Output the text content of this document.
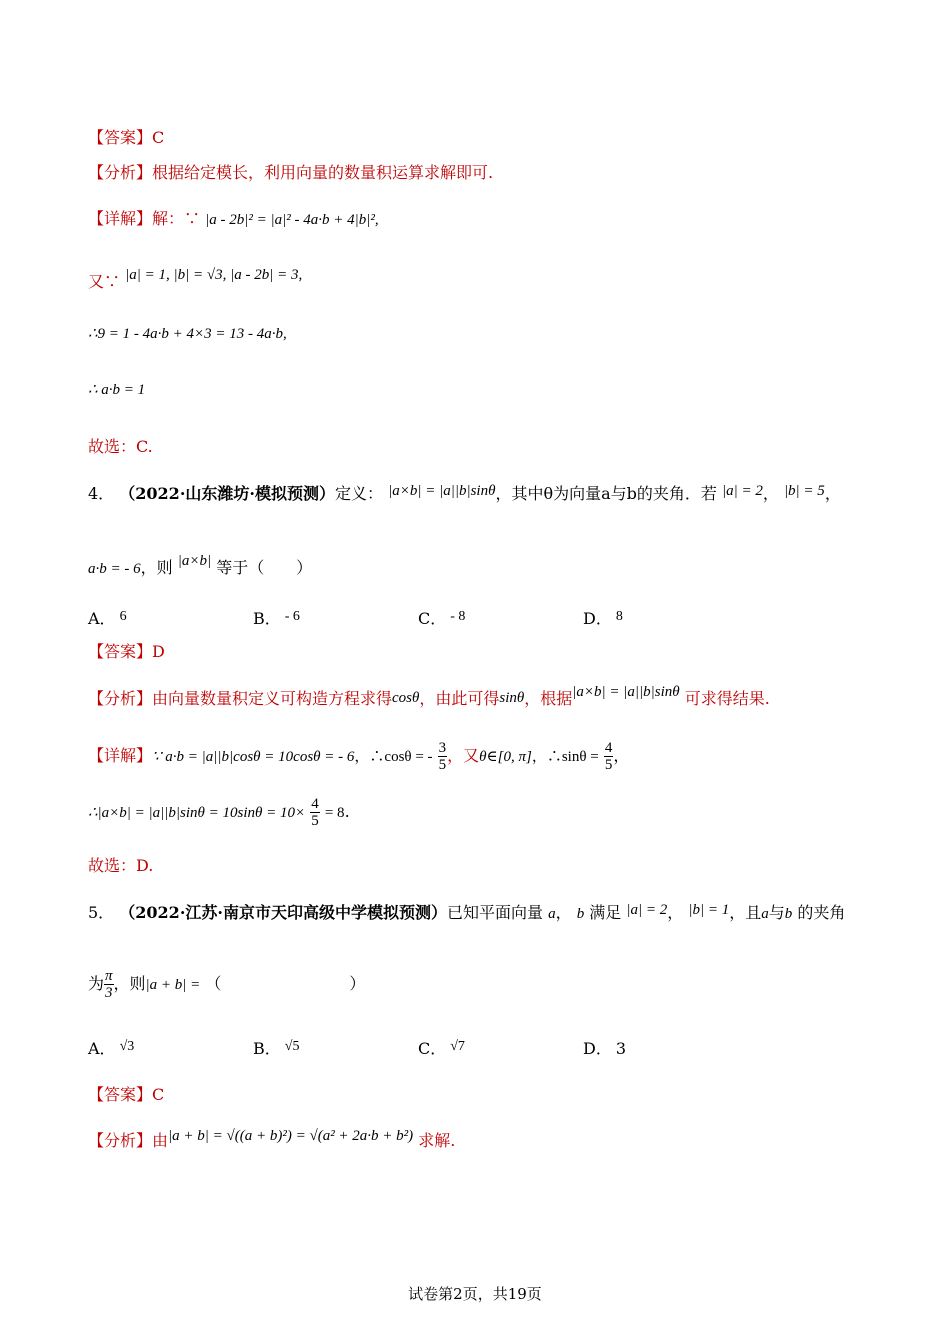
【答案】C
【分析】根据给定模长，利用向量的数量积运算求解即可.
【详解】解：∵ |a - 2b|² = |a|² - 4a·b + 4|b|²,
又∵ |a| = 1, |b| = √3, |a - 2b| = 3,
∴9 = 1 - 4a·b + 4×3 = 13 - 4a·b,
∴ a·b = 1
故选：C.
4． （2022·山东潍坊·模拟预测）定义： |a×b| = |a||b|sinθ，其中θ为向量a与b的夹角．若 |a| = 2， |b| = 5，
a·b = - 6，则 |a×b| 等于（　　）
A． 6	B． - 6	C． - 8	D． 8
【答案】D
【分析】由向量数量积定义可构造方程求得cosθ，由此可得sinθ，根据|a×b| = |a||b|sinθ 可求得结果.
【详解】∵ a·b = |a||b|cosθ = 10cosθ = - 6，∴cosθ = - $\frac{3}{5}$ ，又θ∈[0, π]，∴sinθ = $\frac{4}{5}$ ，
∴|a×b| = $|a||b|\sin\theta = 10\sin\theta = 10\times \frac{4}{5} = 8$.
故选：D.
5． （2022·江苏·南京市天印高级中学模拟预测）已知平面向量 a， b 满足 |a| = 2， |b| = 1，且a与b 的夹角
为 $\frac{\pi}{3}$ ，则|a + b| = （　　　　　　　　）
A． √3	B． √5	C． √7	D． 3
【答案】C
【分析】由|a + b| = √((a + b)²) = √(a² + 2a·b + b²) 求解.
试卷第2页，共19页
